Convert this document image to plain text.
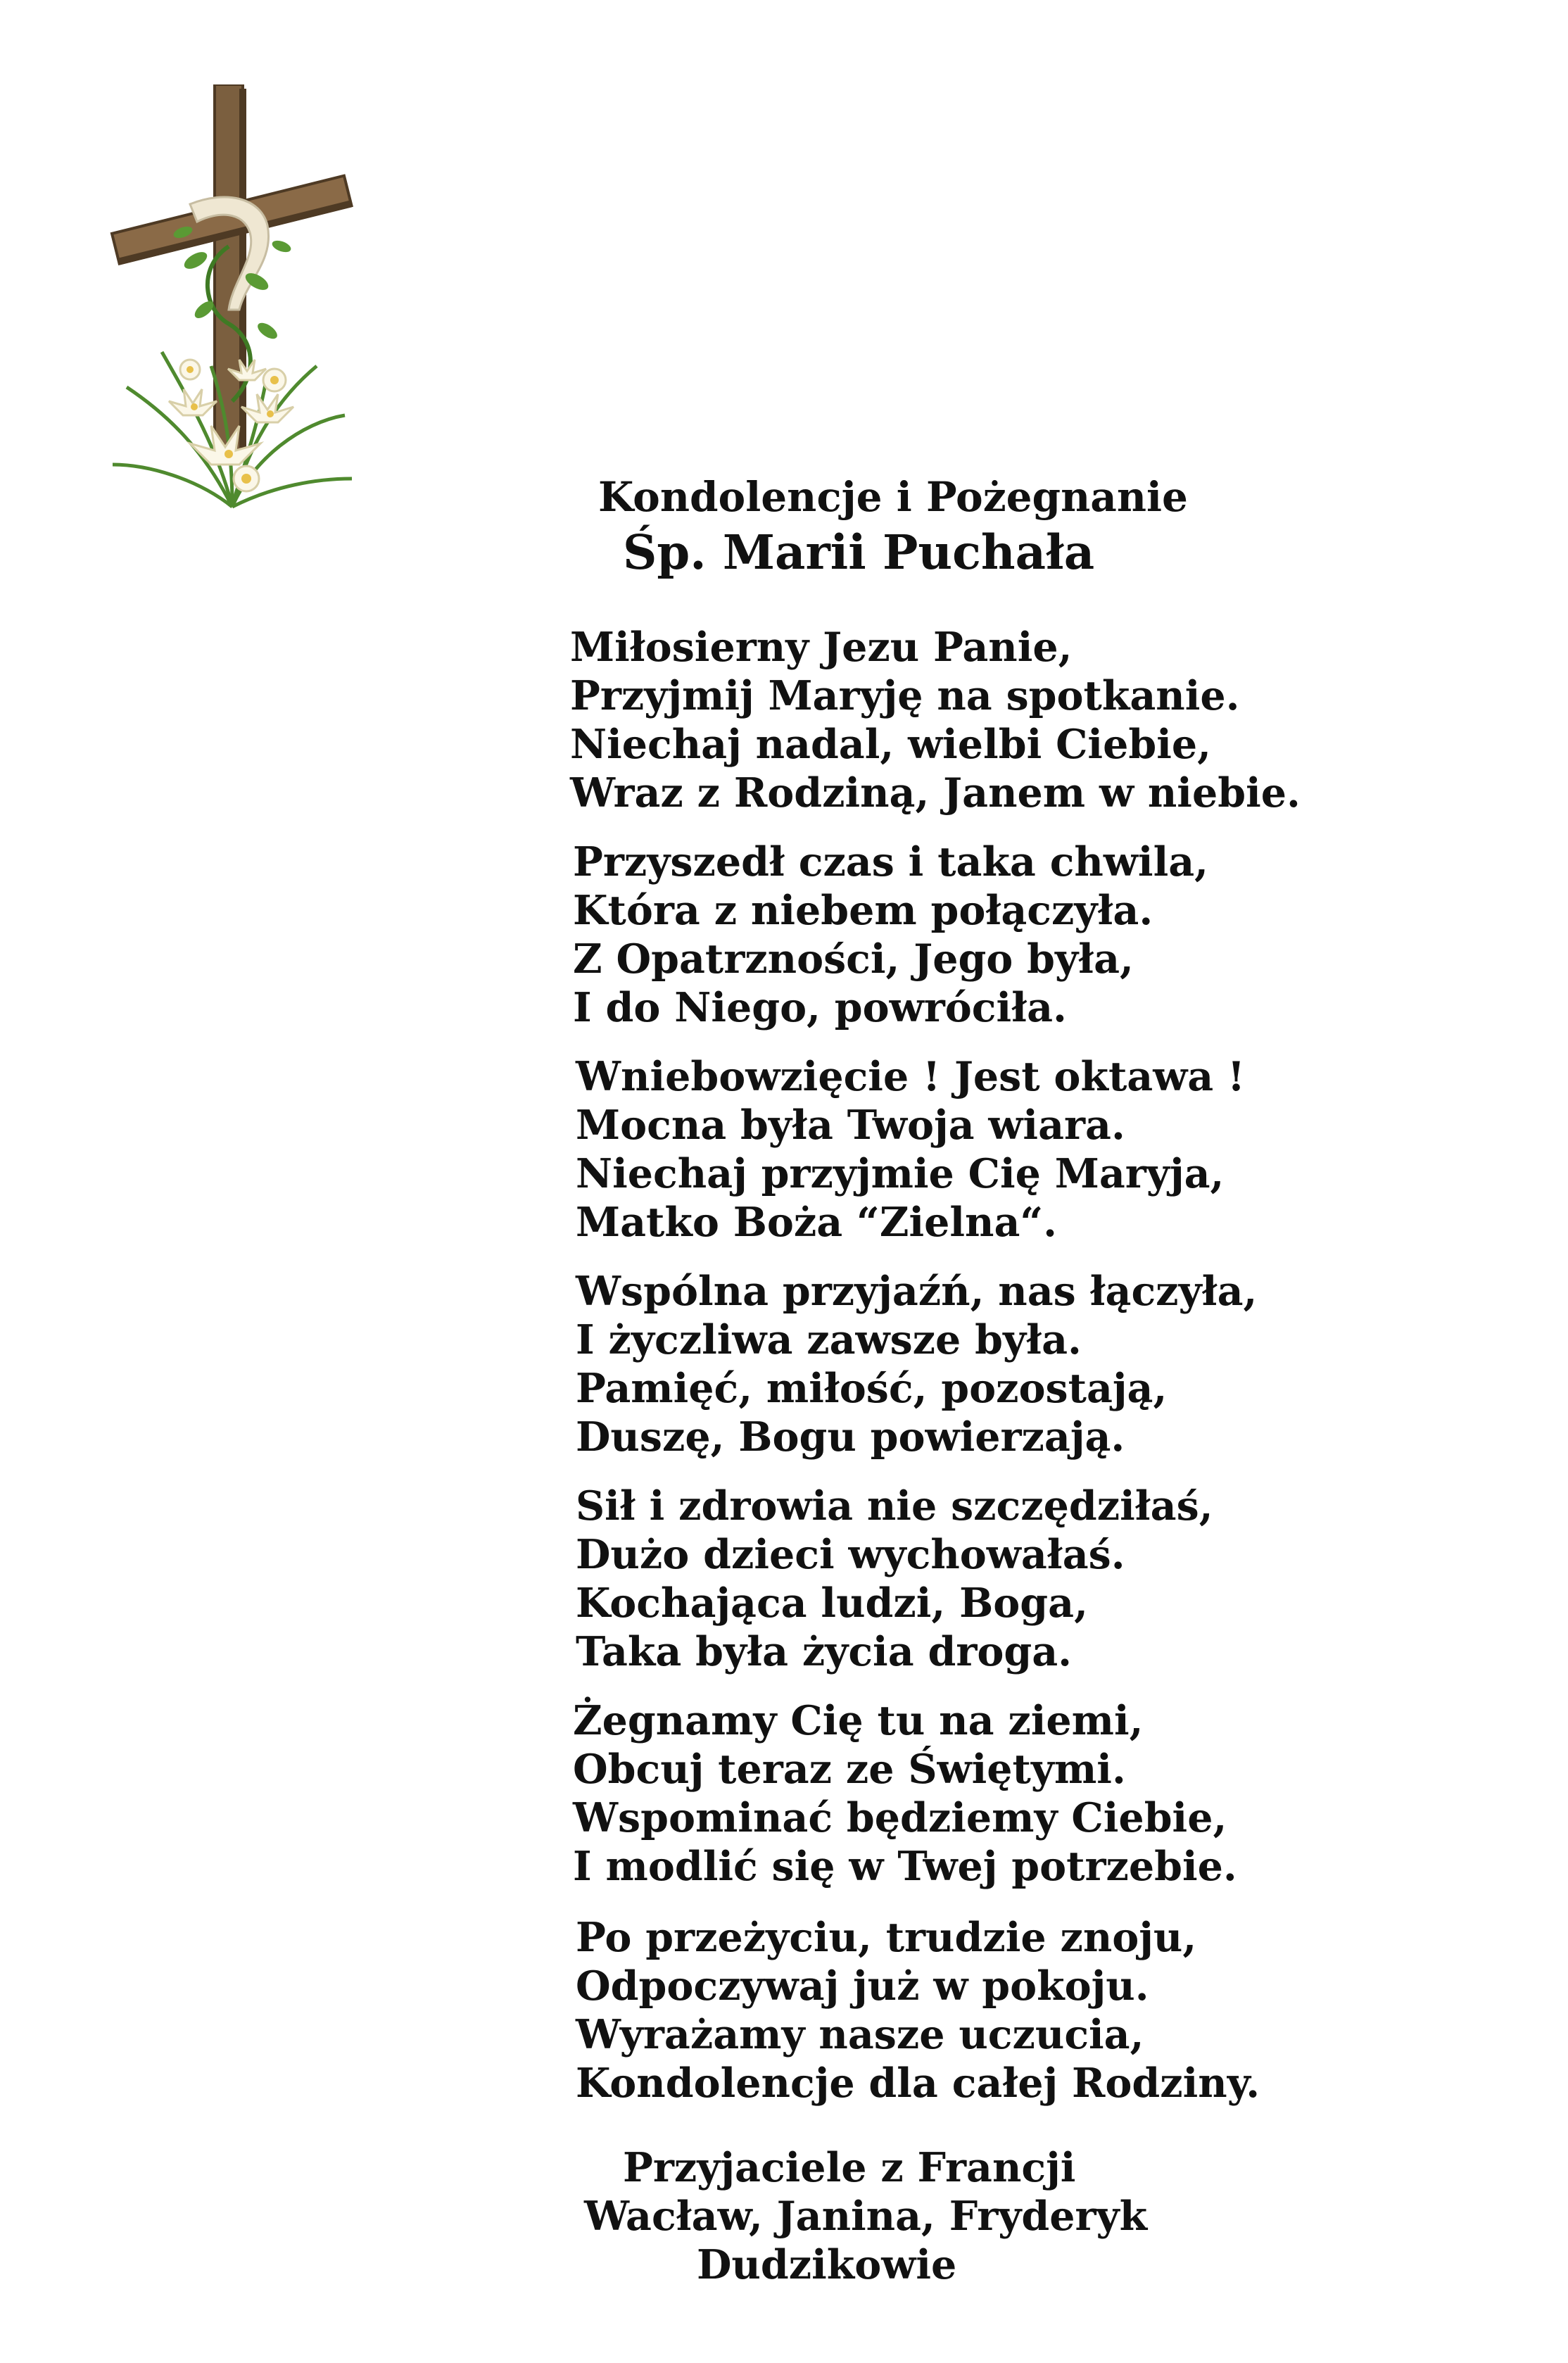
Kondolencje i Pożegnanie
Śp. Marii Puchała
Miłosierny Jezu Panie,
Przyjmij Maryję na spotkanie.
Niechaj nadal, wielbi Ciebie,
Wraz z Rodziną, Janem w niebie.
Przyszedł czas i taka chwila,
Która z niebem połączyła.
Z Opatrzności, Jego była,
I do Niego, powróciła.
Wniebowzięcie ! Jest oktawa !
Mocna była Twoja wiara.
Niechaj przyjmie Cię Maryja,
Matko Boża “Zielna“.
Wspólna przyjaźń, nas łączyła,
I życzliwa zawsze była.
Pamięć, miłość, pozostają,
Duszę, Bogu powierzają.
Sił i zdrowia nie szczędziłaś,
Dużo dzieci wychowałaś.
Kochająca ludzi, Boga,
Taka była życia droga.
Żegnamy Cię tu na ziemi,
Obcuj teraz ze Świętymi.
Wspominać będziemy Ciebie,
I modlić się w Twej potrzebie.
Po przeżyciu, trudzie znoju,
Odpoczywaj już w pokoju.
Wyrażamy nasze uczucia,
Kondolencje dla całej Rodziny.
Przyjaciele z Francji
Wacław, Janina, Fryderyk
Dudzikowie
